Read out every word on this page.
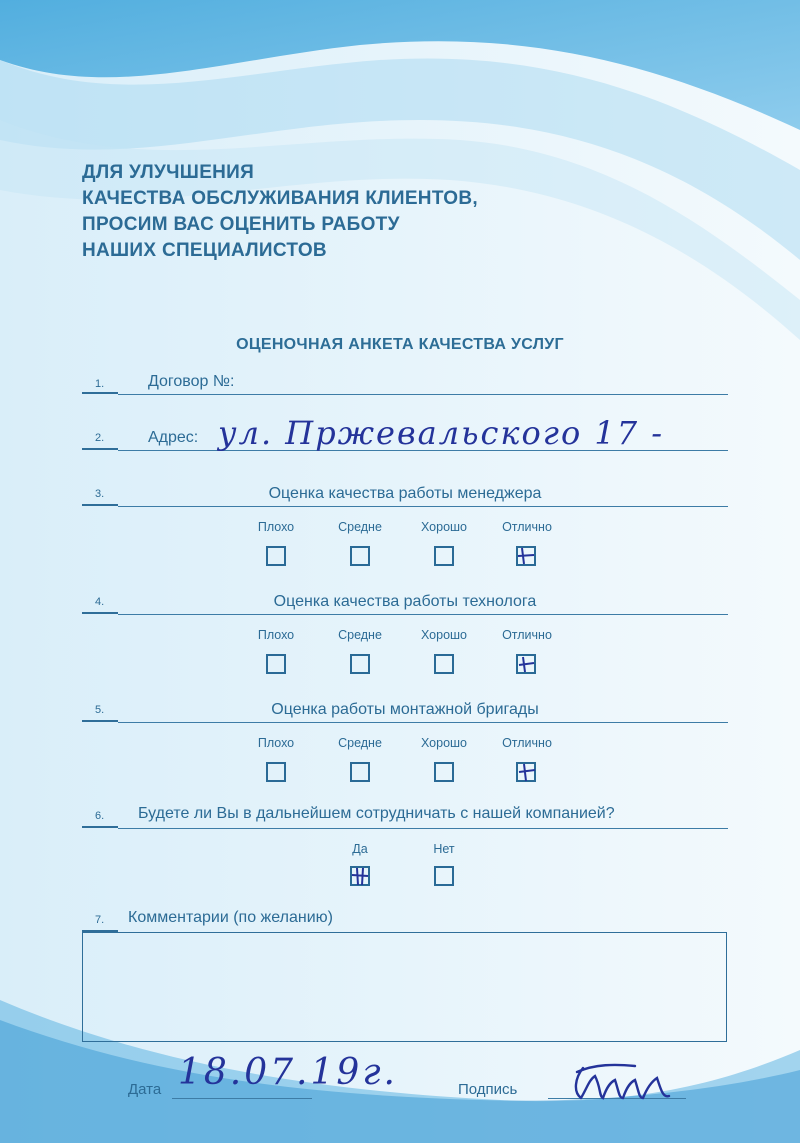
ДЛЯ УЛУЧШЕНИЯ
КАЧЕСТВА ОБСЛУЖИВАНИЯ КЛИЕНТОВ,
ПРОСИМ ВАС ОЦЕНИТЬ РАБОТУ
НАШИХ СПЕЦИАЛИСТОВ
ОЦЕНОЧНАЯ АНКЕТА КАЧЕСТВА УСЛУГ
1.	Договор №:
2.	Адрес: ул. Пржевальского 17 -
3.	Оценка качества работы менеджера
Плохо	Средне	Хорошо	Отлично
4.	Оценка качества работы технолога
Плохо	Средне	Хорошо	Отлично
5.	Оценка работы монтажной бригады
Плохо	Средне	Хорошо	Отлично
6. Будете ли Вы в дальнейшем сотрудничать с нашей компанией?
Да	Нет
7. Комментарии (по желанию)
Дата 18.07.19г.	Подпись
